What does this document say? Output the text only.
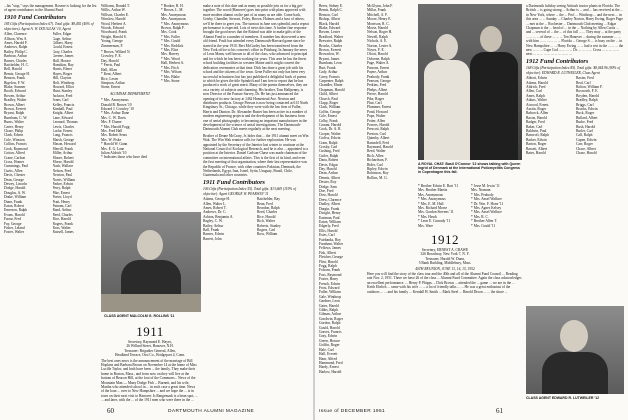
...his "stop," says the management. Rosene is looking for the list of agent contributors to the Alumni Fund.

1910 Fund Contributors

185 Gifts (Participation Index 67). Total gifts: $8,492 (40% of objectives). Agent A. W. DOUGLAS '10, Agent

Allen, Clarence
Allison, Wm. S.
Ames, Harold F.
Andrews, Ralph
Bailey, Philip C.
Barbour, Arthur
Barnes, Charles
Batchelder, H. C.
Bell, Harold
Bemis, George H.
Benson, Frank
Bigelow, F. W.
Blake, Sumner
Booth, Edward
Bowen, Arthur
Bradley, Walter
Brown, Albert
Brown, Everett
Bryant, Ralph
Burnham, C. W.
Burns, Walter
Carter, Henry
Chase, Philip
Clark, Edwin
Cole, Winston
Collins, Francis
Cook, Raymond
Cotton, Alfred
Crane, Carlton
Cross, Homer
Cummings, Paul
Curtis, Allen
Davis, Chester
Dean, George
Dewey, Lincoln
Dodge, Harold
Douglas, A. W.
Drake, William
Dunn, Frank
Eaton, Robert
Emerson, Ralph
Evans, Harold
Farrar, Fred
Fay, George
Fisher, Leland
Foster, Walter
Fuller, Edgar
Gage, Arthur
Gilbert, Harry
Gould, Ernest
Gray, Charles
Greene, James
Hall, Horace
Hamilton, Ray
Harris, Elmer
Hayes, Roger
Hill, Clayton
Holt, Winthrop
Howard, Elliot
Hunt, Stanley
Jackson, Fred
Jones, Carl
Kelley, Francis
Kimball, Paul
Knight, Albert
Lane, Edward
Leonard, Thomas
Lewis, Charles
Locke, Ernest
Long, Francis
Marsh, George
Mason, Howard
Merrill, Frank
Miller, Arthur
Moore, Robert
Morse, Harold
Nash, Wallace
Nelson, Fred
Newton, Paul
Norris, William
Parker, Edwin
Perry, Ralph
Pike, Ernest
Porter, Lloyd
Pratt, Henry
Putnam, Carl
Rand, Arthur
Reed, Charles
Rice, Harold
Rogers, Frank
Ross, Walter
Russell, James
Williams, Ronald T.
Willis, Arthur W.
Willson, Charles E.
Winslow, Harold
Wood, Herbert A.
Woods, Edward
Woodward, Frank
Wright, Harold S.
Young, George
Zimmerman, F.
* Brown, Willard N.
Crowley, F. E.
Day, Harold
* Ferris, Paul
Hall, Allan
* Kent, Albert
Rice, Lester
Simpson, Arthur
Stone, Ernest

ALUMNAE DEPARTMENT

* Mrs. Anonymous
Donald B. Brown '10
Edward J. Crowley '10
* Mrs. Arthur Dane
Mrs. C. W. Davis
Mrs. F. Doane
* Mrs. Harold Fogg
Mrs. Fred Hall
Mrs. Robert Sears
Mrs. W. Fiske
* Harold W. Gunn
Mrs. E. G. Lane
Julian Aldrich '10
* Indicates those who have died
* Booker, R. H.
* Brown, L. M.
Mrs. Anonymous
Mrs. Anonymous
* Mrs. Anonymous
Brown, Ralph F.
Mrs. Cook
* Mrs. Fuller
* Mrs. Gould
* Mrs. Reddick
* Mrs. Eliot
Mrs. Harvey
* Mrs. Wood
Hall, Herbert A.
* Mrs. Fitch
* Mrs. Wilson
* Mrs. Blake
* Mrs. Stone
CLASS AGENT MALCOLM G. ROLLINS '11
1911

Secretary, Raymond E. Hayes,

26 Willard Street, Hanover, N.H.

Treasurer: Brigadier General, Allen,

Headland Terrace, Ossi Co., Bridgeport 4, Conn.

The best ones news is the announcement of the marriage of Bill Hopkins and Barbara Brown on November 14 at the home of Miss Lucille Taylor, and both have been ... the family. They make their home in Boston, Mass., and from now on they will live at the bottom of Beacon Hill, at the foot of the Commons... News of the Mountain Man — Many Dodge Fish ... Burnett, and his wife, Martha who attended school in ... in each case a great time. News of the loan ... over to New Hampshire ... and we hope the ... is in town on their next visit to Hanover. Is Rangemark is a bean spot, ... ... and later, with the ... of the 1911 men who were there in the ...

make a note of this date and as many as possible join us for a big get-together. The wood (Hanover) goes into print with plans approved with more modern alumni on the part of as many as are able. Come back, Grisby, Chandler, Stewart, Foley, Brown, Holmes and a host of others; we'll be there to greet you. The turnout in June was splendid, and a repeat performance is expected. Lots of news this time. A further fine response brought the good news that the Roland was able to make gifts of the Alumni Fund to a number of members. A number has discovered a new old friend. Poult has attended every Dartmouth-Harvard game since he started in the year 1910. Bert McGarley has been transferred from the New York office to his concern's office in Pittsburg. In January the news of Leon Mann, well known to all of the class, who advanced to principal and for which he has been working for years. This area he has the finest school building facilities in western Maine and it might convert the dedication ceremonies at that time. Dick has done a great job with his school and the citizens of the town. Gene Fuller not only has been very successful in business but has just published a delightful book of poems to which he gives the title Spindrift and I am free to report that he has produced a work of great merit. Many of the poems themselves, they are on a variety of subjects and charming. His brother, Tom Halfpenny, is now Director of the Pasture Survey, Dr. He has just announced the opening of its new factory at 1462 Homestead Ave. Newton and distributes products. George Pierson is now being contacted at 613 North Kingsbury St., Chicago, while they were with the law firm of Fuller, Harris and Dunton. Dr. Alexander Baxter has been active in a number of modern engineering projects and the development of his business from one of aerial photography to becoming an important manufacturer in the development of the science of aerial investigations. The Dartmouth-Dartmouth Alumni Club meets regularly at the next meeting.

Brother of Deane McCrary, Jr. hides that ... the 1911 alumni meet on Win Wak. The Win Wak reunion calls for further exploration. He was appointed by the Secretary of the Interior last winter to continue at the National Council of Ecological Research, and he is also ... appointed to a position at the Interior. Daniel Carlson-Chase was made chairman of the committee on international affairs. This is the first of its kind, and even the first meeting of that organization, where their last representative was the Republic of France, with other countries Pakistan, Denmark, the Netherlands, Egypt, Iran, Israel, Syria, Uruguay, Brazil, Chile, Guatemala and other countries.

1911 Fund Contributors

106 Gifts (Participation Index 55). Total gifts: $13,669 (119% of objective). Agent GEORGE W. PEARSON '11

Adams, George H.
Allen, Walter L.
Ames, Robert T.
Andrews, Dr. C.
Ashton, Benjamin A.
Bagley, C. W.
Bailey, Arthur
Ball, Frank
Barnes, Edwin
Barrett, John
Batchelder, Ray
Bean, Fred
Reardon, Ralph
Reed, Charles
Rice, Harold
Rich, Walter
Roberts, Stanley
Rogers, Carl
Ross, William
60	DARTMOUTH ALUMNI MAGAZINE
Beers, Sidney E.
Bemis, Ralph C.
Benson, Carl
Bishop, Albert
Black, Harold
Blake, Edward
Bowen, Lester
Bradford, Walter
Brewster, Ralph
Brooks, Charles
Brown, Everett
Brownlow, W.
Bryant, James
Burnham, Leon
Burt, Frank
Cady, Arthur
Carey, Francis
Carpenter, Ralph
Chandler, Elmer
Chapman, Harold
Child, Albert
Church, Paul
Clapp, Roger
Clark, William
Coffin, George
Cole, Ernest
Colby, Frank
Conant, Harold
Cook, Dr. A. R.
Cooper, Walter
Corliss, Edwin
Cram, Ralph
Crosby, Carl
Cushing, Fred
Cutler, Ralph
Dana, Robert
Davis, Edgar
Day, Harold
Dean, Arthur
Dennis, Albert
Dexter, Roy
Dodge, Sam
Doe, Fred
Dow, Harold
Drew, Clarence
Dudley, Albert
Durgin, Frank
Dwight, Henry
Eastman, Paul
Eaton, William
Edgerly, Fred
Ellis, Harold
Estes, Carl
Fairbanks, Roy
Farnham, Walter
Fellows, James
Fisk, Albert
Fletcher, George
Flint, Harold
Fogg, Ralph
Folsom, Frank
Foss, Raymond
Foster, Harry
French, Edwin
Frost, Edward
Fuller, William
Gale, Winthrop
Gardner, Leon
Gates, Harold
Gibbs, Ralph
Gilman, Arthur
Goodwin, Roger
Gordon, Ralph
Gould, Harold
Graves, Francis
Gray, Edwin
Green, Horace
Griffin, Roger
Hale, Carl
Hall, Everett
Ham, Alfred
Hammond, Fred
Hardy, Ernest
Harlow, Harold
McGlynn, John F.
Millar, Frank
Mitchell, A. F.
Moore, Henry E.
Morrison, R. C.
Morse, Harold
Nelson, Roger H.
Newell, Ralph
Nichols, A. E.
Norton, Lester A.
Noyes, F. E.
Olcott, Harold
Osborne, Ralph
Page, Walter A.
Parsons, Ernest
Payne, Arthur
Peabody, Frank
Pearson, George
Perkins, Fred
Phelps, Albert
Pierce, Harold
Pike, Roger
Platt, Carl
Plummer, Ernest
Pond, Howard
Pope, Walter
Potter, Allen
Powers, Harold
Prescott, Ralph
Preston, Carl
Quimby, Albert
Ramsdell, Fred
Raymond, Harold
Reed, Walter
Rich, Allen
Richardson, F.
Rider, Carl
Ripley, Edwin
Robinson, Roy
Rollins, M. G.
A ROYAL CHAT: Basil O'Connor '12 shows talking with Queen Ingrid of Denmark at the International Poliomyelitis Congress in Copenhagen this fall.
* Brother Edwin E. Bart '11
Mrs. Brother Martin
Mrs. Anonymous
* Mrs. Anonymous
* Mrs. E. M. Hall
Mrs. Richard Morse
Mrs. Gordon Stevens '11
* Mrs. Hawk
* Leon E. Conrady '11
Mrs. Ware
* Jesse M. Irwin '11
Mrs. Norman
* Mrs. Peabody
* Mrs. Ansel Wallace
* Dr. Wm. F. Hone '11
* Mrs. Agnes Kelsey
* Mrs. Ansel Wallace
* Mrs. R. C.
* Brother Allen T.
* Mrs. Gould '11
1912

Secretary, ERNEST A. CRAWE

326 Broadway, New York 7, N. Y.

Treasurer, Harold W. Dunn,

5 Bank Building, Middlebury, Mass.

40TH REUNION, JUNE 13, 14, 15, 1952

Here you will find the story of the class tour and the 40th and all of the Alumni Fund Council ... Reading rate Nov. 2, 1951. There we have 26 of the class ... Alumni Fund Committee. Again the class acknowledges an excellent performance. ... Henry P. Phipps ... Dick Brown ... attended the ... game ... we are in the ... Keith Ehrlich ... came with his wife ... ... a lot of friendly talks ... ... He was a great enthusiast of the outdoors ... ... and his family ... Kendall H. Smith ... Mark Steel ... Harold Dixon ... ... the shore ...

a Dartmouth holiday seeing Attitash tractor plants in Florida. The British ... is going strong ... Arthur is ... and ... has received at the ... in New York, where ... the ... Prof ... Winthrop ... and the next ... in this area ... ... Sunday ... Charley Norton, Harry Ewing, Roger Page ... met at the ... Rochester ... Dartmouth Club meeting ... Edgar Chapman is the ... head of ... in the ... Nothing by Allen Curtis ... and ... several of ... the ... of this fall ... ... They may ... at the party ... ... ... ... of these ... ... ... Ten Hanover ... during the summer ... ... with him ... ... ... ... ... ... Florida ... George S. ... is busy on the ... in New Hampshire ... ... Harry Ewing ... ... had a rest in the ... ... ... the new ... ... ... Cape Cod ... ... ... ... Dr. ... ... ... ... Cross ... ... ... ... ... next ... ... ... ... ... ... ... ... ... ... ...

1912 Fund Contributors

168 Gifts (Participation Index 85). Total gifts: $8,044.96 (90% of objective). EDWARD R. LUTWEILER, Class Agent

Abbott, Edwin
Adams, Harold
Aldrich, Fred
Allen, Carl
Ames, Ralph
Atkins, Walter
Atwood, Ernest
Austin, Roger
Babcock, Allen
Bacon, Harold
Badger, Fred
Baker, Carl
Baldwin, Paul
Bancroft, Ralph
Barker, Edwin
Barton, Roger
Bassett, Albert
Bates, Harold
Baxter, Fred
Beal, Carl
Bolton, William F.
Bosworth, F. E.
Boyden, Harold
Bradley, Ralph
Briggs, Carl
Brooks, Edwin
Buck, Roger
Bullard, Albert
Burke, Fred
Bush, Harold
Butler, Carl
Call, Ralph
Capen, Edwin
Carr, Roger
Chace, Albert
Chase, Harold
CLASS AGENT EDWARD R. LUTWEILER '12
61
Issue of DECEMBER 1951
